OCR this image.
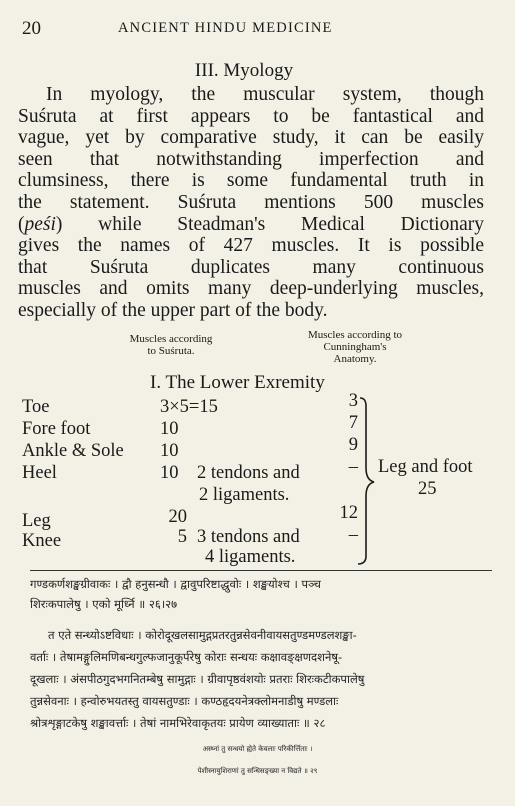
20	ANCIENT HINDU MEDICINE
III. Myology
In myology, the muscular system, though
Suśruta at first appears to be fantastical and
vague, yet by comparative study, it can be easily
seen that notwithstanding imperfection and
clumsiness, there is some fundamental truth in
the statement. Suśruta mentions 500 muscles
(peśi) while Steadman's Medical Dictionary
gives the names of 427 muscles. It is possible
that Suśruta duplicates many continuous
muscles and omits many deep-underlying muscles,
especially of the upper part of the body.
Muscles according
to Suśruta.
Muscles according to
Cunningham's
Anatomy.
I. The Lower Exremity
Toe	3×5=15	3
Fore foot	10	7
Ankle & Sole 10	9
Heel	10 2 tendons and	–
2 ligaments.
Leg	20	12
Knee	5 3 tendons and	–
4 ligaments.
Leg and foot
25
गण्डकर्णशङ्खग्रीवाकः । द्वौ हनुसन्धौ । द्वावुपरिष्टाद्धुवोः । शङ्खयोश्च । पञ्च
शिरःकपालेषु । एको मूर्ध्नि ॥ २६।२७
त एते सन्ध्योऽष्टविधाः । कोरोदूखलसामुद्गप्रतरतुन्नसेवनीवायसतुण्डमण्डलशङ्खा-
वर्ताः । तेषामङ्गुलिमणिबन्धगुल्फजानुकूर्परेषु कोराः सन्धयः कक्षावङ्क्षणदशनेषू-
दूखलाः । अंसपीठगुदभगनितम्बेषु सामुद्गाः । ग्रीवापृष्ठवंशयोः प्रतराः शिरःकटीकपालेषु
तुन्नसेवनाः । हन्वोरुभयतस्तु वायसतुण्डाः । कण्ठहृदयनेत्रक्लोमनाडीषु मण्डलाः
श्रोत्रशृङ्गाटकेषु शङ्खावर्त्ताः । तेषां नामभिरेवाकृतयः प्रायेण व्याख्याताः ॥ २८
अस्थ्नां तु सन्धयो ह्येते केवलाः परिकीर्त्तिताः ।
पेशीस्नायुशिराणां तु सन्धिसङ्ख्या न विद्यते ॥ २९
